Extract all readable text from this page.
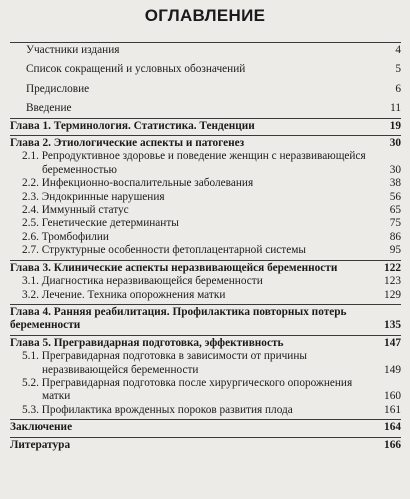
ОГЛАВЛЕНИЕ
Участники издания	4
Список сокращений и условных обозначений	5
Предисловие	6
Введение	11
Глава 1. Терминология. Статистика. Тенденции	19
Глава 2. Этиологические аспекты и патогенез	30
2.1. Репродуктивное здоровье и поведение женщин с неразвивающейся беременностью	30
2.2. Инфекционно-воспалительные заболевания	38
2.3. Эндокринные нарушения	56
2.4. Иммунный статус	65
2.5. Генетические детерминанты	75
2.6. Тромбофилии	86
2.7. Структурные особенности фетоплацентарной системы	95
Глава 3. Клинические аспекты неразвивающейся беременности	122
3.1. Диагностика неразвивающейся беременности	123
3.2. Лечение. Техника опорожнения матки	129
Глава 4. Ранняя реабилитация. Профилактика повторных потерь беременности	135
Глава 5. Прегравидарная подготовка, эффективность	147
5.1. Прегравидарная подготовка в зависимости от причины неразвивающейся беременности	149
5.2. Прегравидарная подготовка после хирургического опорожнения матки	160
5.3. Профилактика врожденных пороков развития плода	161
Заключение	164
Литература	166
